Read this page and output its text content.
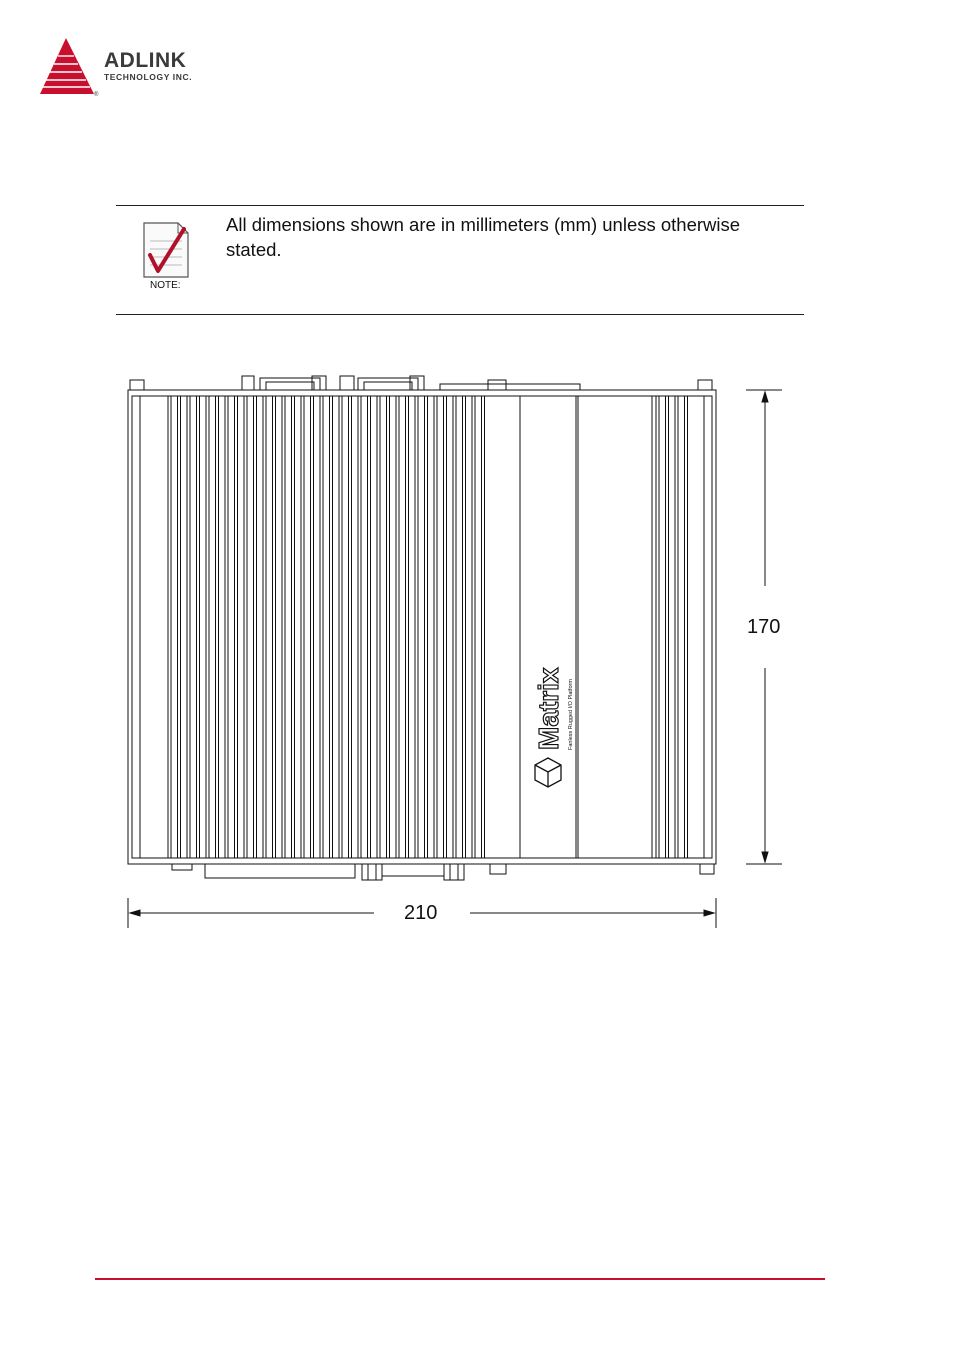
®
ADLINK
TECHNOLOGY INC.
NOTE:
All dimensions shown are in millimeters (mm) unless otherwise stated.
Matrix Fanless Rugged I/O Platform
210
170
